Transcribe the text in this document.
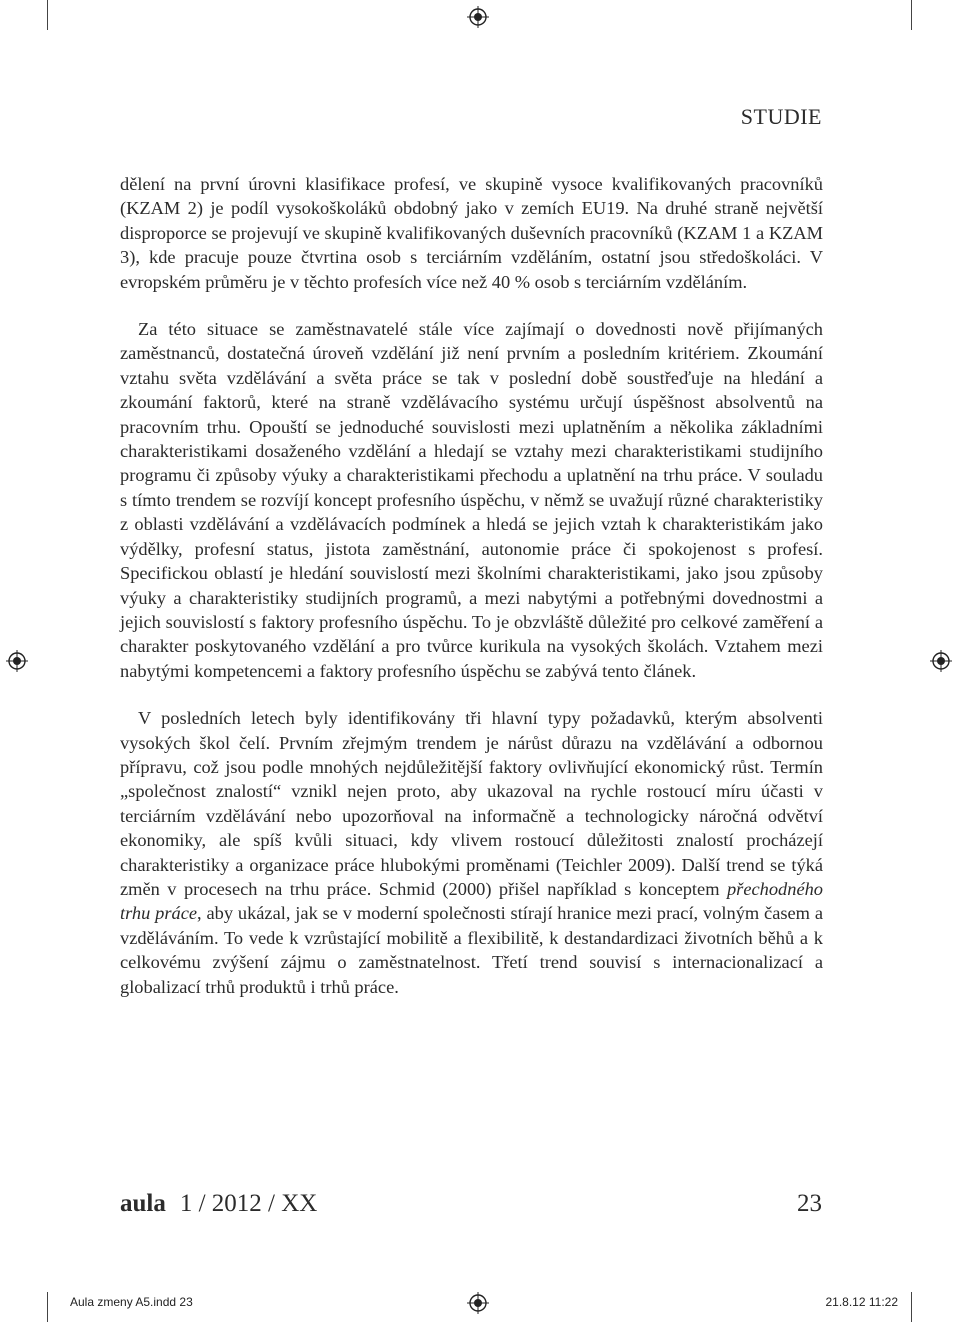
STUDIE

dělení na první úrovni klasifikace profesí, ve skupině vysoce kvalifikovaných pracovníků (KZAM 2) je podíl vysokoškoláků obdobný jako v zemích EU19. Na druhé straně největší disproporce se projevují ve skupině kvalifikovaných duševních pracovníků (KZAM 1 a KZAM 3), kde pracuje pouze čtvrtina osob s terciárním vzděláním, ostatní jsou středoškoláci. V evropském průměru je v těchto profesích více než 40 % osob s terciárním vzděláním.

Za této situace se zaměstnavatelé stále více zajímají o dovednosti nově přijímaných zaměstnanců, dostatečná úroveň vzdělání již není prvním a posledním kritériem. Zkoumání vztahu světa vzdělávání a světa práce se tak v poslední době soustřeďuje na hledání a zkoumání faktorů, které na straně vzdělávacího systému určují úspěšnost absolventů na pracovním trhu. Opouští se jednoduché souvislosti mezi uplatněním a několika základními charakteristikami dosaženého vzdělání a hledají se vztahy mezi charakteristikami studijního programu či způsoby výuky a charakteristikami přechodu a uplatnění na trhu práce. V souladu s tímto trendem se rozvíjí koncept profesního úspěchu, v němž se uvažují různé charakteristiky z oblasti vzdělávání a vzdělávacích podmínek a hledá se jejich vztah k charakteristikám jako výdělky, profesní status, jistota zaměstnání, autonomie práce či spokojenost s profesí. Specifickou oblastí je hledání souvislostí mezi školními charakteristikami, jako jsou způsoby výuky a charakteristiky studijních programů, a mezi nabytými a potřebnými dovednostmi a jejich souvislostí s faktory profesního úspěchu. To je obzvláště důležité pro celkové zaměření a charakter poskytovaného vzdělání a pro tvůrce kurikula na vysokých školách. Vztahem mezi nabytými kompetencemi a faktory profesního úspěchu se zabývá tento článek.

V posledních letech byly identifikovány tři hlavní typy požadavků, kterým absolventi vysokých škol čelí. Prvním zřejmým trendem je nárůst důrazu na vzdělávání a odbornou přípravu, což jsou podle mnohých nejdůležitější faktory ovlivňující ekonomický růst. Termín „společnost znalostí“ vznikl nejen proto, aby ukazoval na rychle rostoucí míru účasti v terciárním vzdělávání nebo upozorňoval na informačně a technologicky náročná odvětví ekonomiky, ale spíš kvůli situaci, kdy vlivem rostoucí důležitosti znalostí procházejí charakteristiky a organizace práce hlubokými proměnami (Teichler 2009). Další trend se týká změn v procesech na trhu práce. Schmid (2000) přišel například s konceptem přechodného trhu práce, aby ukázal, jak se v moderní společnosti stírají hranice mezi prací, volným časem a vzděláváním. To vede k vzrůstající mobilitě a flexibilitě, k destandardizaci životních běhů a k celkovému zvýšení zájmu o zaměstnatelnost. Třetí trend souvisí s internacionalizací a globalizací trhů produktů i trhů práce.

aula 1 / 2012 / XX	23
Aula zmeny A5.indd 23	21.8.12 11:22
